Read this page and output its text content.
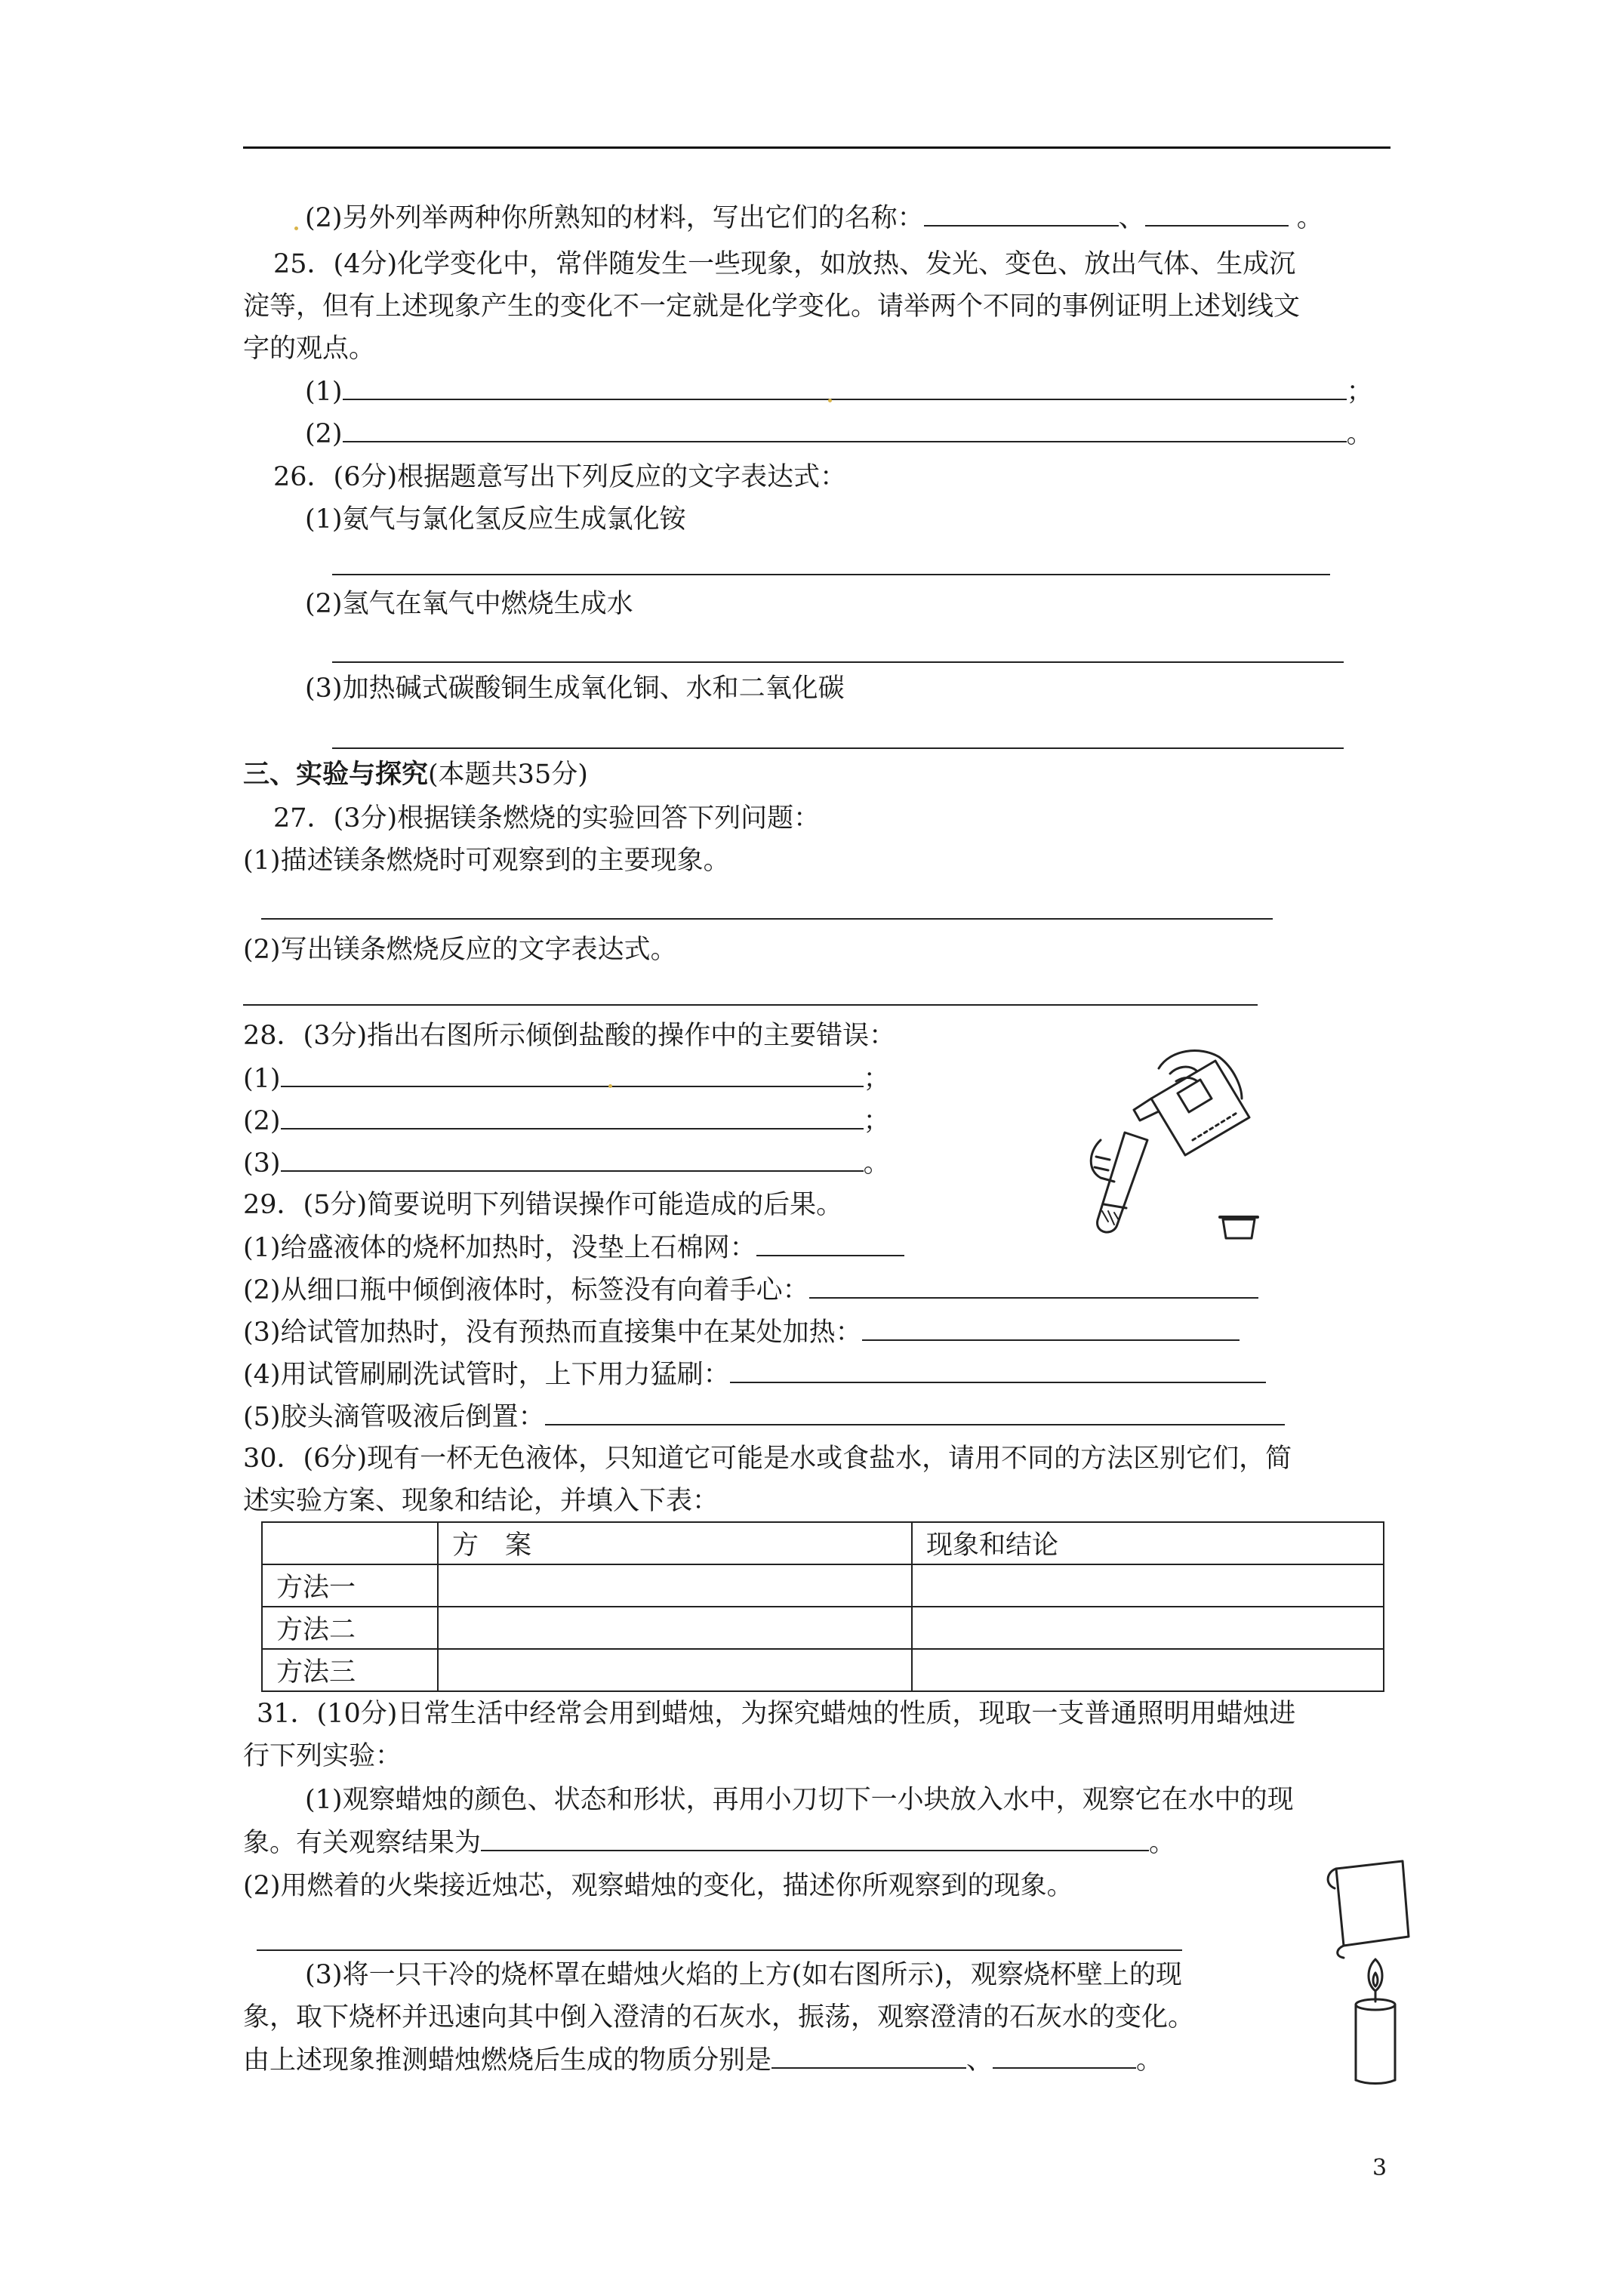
(2)另外列举两种你所熟知的材料，写出它们的名称：	、	。
25．(4分)化学变化中，常伴随发生一些现象，如放热、发光、变色、放出气体、生成沉
淀等，但有上述现象产生的变化不一定就是化学变化。请举两个不同的事例证明上述划线文
字的观点。
(1)	；
(2)	。
26．(6分)根据题意写出下列反应的文字表达式：
(1)氨气与氯化氢反应生成氯化铵
(2)氢气在氧气中燃烧生成水
(3)加热碱式碳酸铜生成氧化铜、水和二氧化碳
三、实验与探究(本题共35分)
27．(3分)根据镁条燃烧的实验回答下列问题：
(1)描述镁条燃烧时可观察到的主要现象。
(2)写出镁条燃烧反应的文字表达式。
28．(3分)指出右图所示倾倒盐酸的操作中的主要错误：
(1)	；
(2)	；
(3)	。
29．(5分)简要说明下列错误操作可能造成的后果。
(1)给盛液体的烧杯加热时，没垫上石棉网：
(2)从细口瓶中倾倒液体时，标签没有向着手心：
(3)给试管加热时，没有预热而直接集中在某处加热：
(4)用试管刷刷洗试管时，上下用力猛刷：
(5)胶头滴管吸液后倒置：
30．(6分)现有一杯无色液体，只知道它可能是水或食盐水，请用不同的方法区别它们，简
述实验方案、现象和结论，并填入下表：
	方　案	现象和结论
方法一		
方法二		
方法三		
31．(10分)日常生活中经常会用到蜡烛，为探究蜡烛的性质，现取一支普通照明用蜡烛进
行下列实验：
(1)观察蜡烛的颜色、状态和形状，再用小刀切下一小块放入水中，观察它在水中的现
象。有关观察结果为	。
(2)用燃着的火柴接近烛芯，观察蜡烛的变化，描述你所观察到的现象。
(3)将一只干冷的烧杯罩在蜡烛火焰的上方(如右图所示)，观察烧杯壁上的现
象，取下烧杯并迅速向其中倒入澄清的石灰水，振荡，观察澄清的石灰水的变化。
由上述现象推测蜡烛燃烧后生成的物质分别是	、	。
3
